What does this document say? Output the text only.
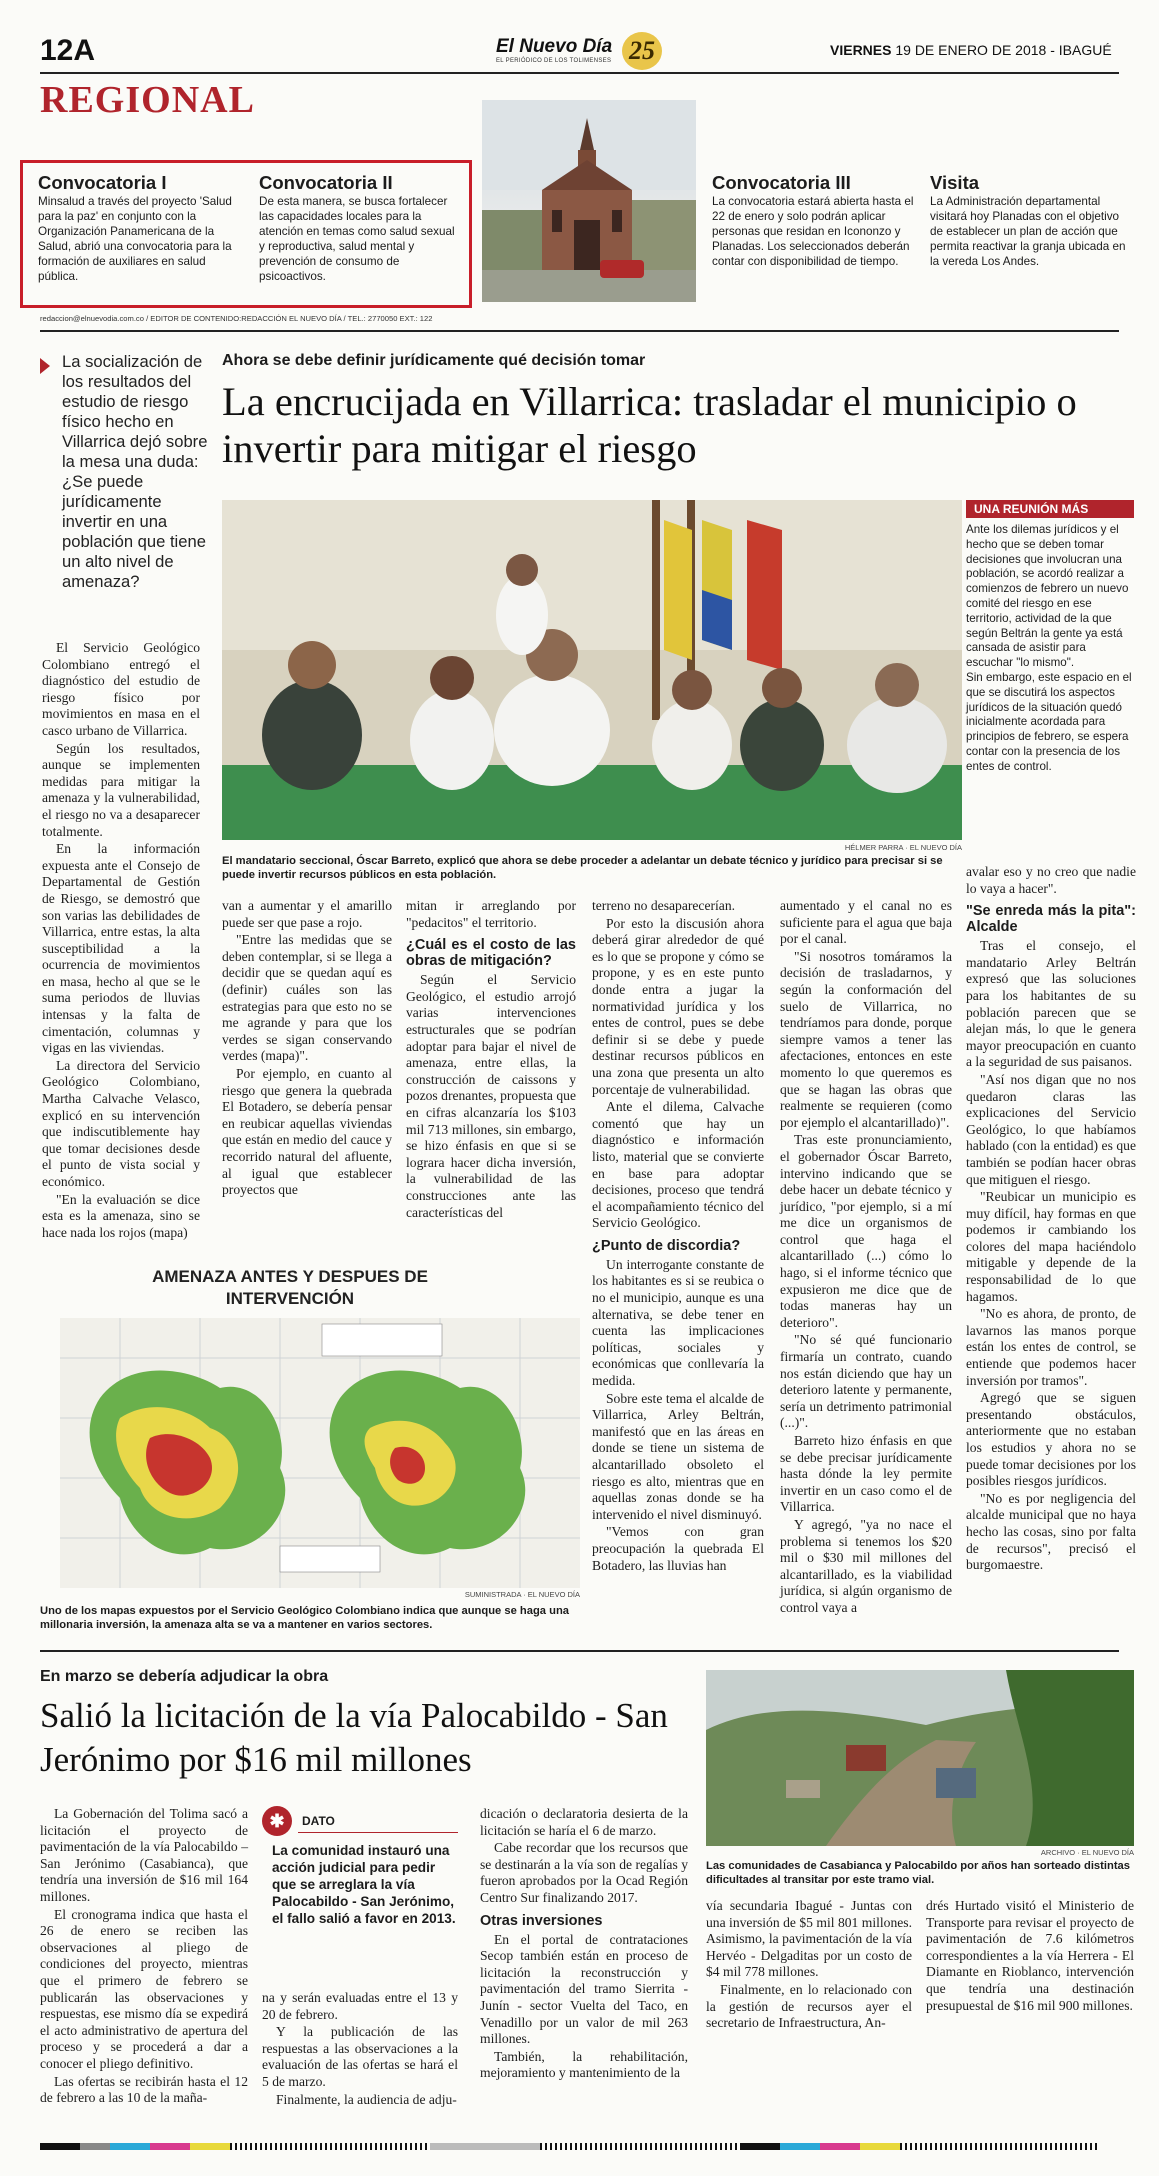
12A	El Nuevo Día
EL PERIÓDICO DE LOS TOLIMENSES 25	VIERNES 19 DE ENERO DE 2018 - IBAGUÉ
REGIONAL
Convocatoria I
Minsalud a través del proyecto 'Salud para la paz' en conjunto con la Organización Panamericana de la Salud, abrió una convocatoria para la formación de auxiliares en salud pública.
Convocatoria II
De esta manera, se busca fortalecer las capacidades locales para la atención en temas como salud sexual y reproductiva, salud mental y prevención de consumo de psicoactivos.
Convocatoria III
La convocatoria estará abierta hasta el 22 de enero y solo podrán aplicar personas que residan en Icononzo y Planadas. Los seleccionados deberán contar con disponibilidad de tiempo.
Visita
La Administración departamental visitará hoy Planadas con el objetivo de establecer un plan de acción que permita reactivar la granja ubicada en la vereda Los Andes.
redaccion@elnuevodia.com.co / EDITOR DE CONTENIDO:REDACCIÓN EL NUEVO DÍA / TEL.: 2770050 EXT.: 122
La socialización de los resultados del estudio de riesgo físico hecho en Villarrica dejó sobre la mesa una duda: ¿Se puede jurídicamente invertir en una población que tiene un alto nivel de amenaza?
Ahora se debe definir jurídicamente qué decisión tomar
La encrucijada en Villarrica: trasladar el municipio o invertir para mitigar el riesgo
HÉLMER PARRA · EL NUEVO DÍA
El mandatario seccional, Óscar Barreto, explicó que ahora se debe proceder a adelantar un debate técnico y jurídico para precisar si se puede invertir recursos públicos en esta población.
UNA REUNIÓN MÁS

Ante los dilemas jurídicos y el hecho que se deben tomar decisiones que involucran una población, se acordó realizar a comienzos de febrero un nuevo comité del riesgo en ese territorio, actividad de la que según Beltrán la gente ya está cansada de asistir para escuchar "lo mismo".

Sin embargo, este espacio en el que se discutirá los aspectos jurídicos de la situación quedó inicialmente acordada para principios de febrero, se espera contar con la presencia de los entes de control.

El Servicio Geológico Colombiano entregó el diagnóstico del estudio de riesgo físico por movimientos en masa en el casco urbano de Villarrica.

Según los resultados, aunque se implementen medidas para mitigar la amenaza y la vulnerabilidad, el riesgo no va a desaparecer totalmente.

En la información expuesta ante el Consejo de Departamental de Gestión de Riesgo, se demostró que son varias las debilidades de Villarrica, entre estas, la alta susceptibilidad a la ocurrencia de movimientos en masa, hecho al que se le suma periodos de lluvias intensas y la falta de cimentación, columnas y vigas en las viviendas.

La directora del Servicio Geológico Colombiano, Martha Calvache Velasco, explicó en su intervención que indiscutiblemente hay que tomar decisiones desde el punto de vista social y económico.

"En la evaluación se dice esta es la amenaza, sino se hace nada los rojos (mapa)

van a aumentar y el amarillo puede ser que pase a rojo.

"Entre las medidas que se deben contemplar, si se llega a decidir que se quedan aquí es (definir) cuáles son las estrategias para que esto no se me agrande y para que los verdes se sigan conservando verdes (mapa)".

Por ejemplo, en cuanto al riesgo que genera la quebrada El Botadero, se debería pensar en reubicar aquellas viviendas que están en medio del cauce y recorrido natural del afluente, al igual que establecer proyectos que

mitan ir arreglando por "pedacitos" el territorio.

¿Cuál es el costo de las obras de mitigación?

Según el Servicio Geológico, el estudio arrojó varias intervenciones estructurales que se podrían adoptar para bajar el nivel de amenaza, entre ellas, la construcción de caissons y pozos drenantes, propuesta que en cifras alcanzaría los $103 mil 713 millones, sin embargo, se hizo énfasis en que si se lograra hacer dicha inversión, la vulnerabilidad de las construcciones ante las características del

terreno no desaparecerían.

Por esto la discusión ahora deberá girar alrededor de qué es lo que se propone y cómo se propone, y es en este punto donde entra a jugar la normatividad jurídica y los entes de control, pues se debe definir si se debe y puede destinar recursos públicos en una zona que presenta un alto porcentaje de vulnerabilidad.

Ante el dilema, Calvache comentó que hay un diagnóstico e información listo, material que se convierte en base para adoptar decisiones, proceso que tendrá el acompañamiento técnico del Servicio Geológico.

¿Punto de discordia?

Un interrogante constante de los habitantes es si se reubica o no el municipio, aunque es una alternativa, se debe tener en cuenta las implicaciones políticas, sociales y económicas que conllevaría la medida.

Sobre este tema el alcalde de Villarrica, Arley Beltrán, manifestó que en las áreas en donde se tiene un sistema de alcantarillado obsoleto el riesgo es alto, mientras que en aquellas zonas donde se ha intervenido el nivel disminuyó.

"Vemos con gran preocupación la quebrada El Botadero, las lluvias han

aumentado y el canal no es suficiente para el agua que baja por el canal.

"Si nosotros tomáramos la decisión de trasladarnos, y según la conformación del suelo de Villarrica, no tendríamos para donde, porque siempre vamos a tener las afectaciones, entonces en este momento lo que queremos es que se hagan las obras que realmente se requieren (como por ejemplo el alcantarillado)".

Tras este pronunciamiento, el gobernador Óscar Barreto, intervino indicando que se debe hacer un debate técnico y jurídico, "por ejemplo, si a mí me dice un organismos de control que haga el alcantarillado (...) cómo lo hago, si el informe técnico que expusieron me dice que de todas maneras hay un deterioro".

"No sé qué funcionario firmaría un contrato, cuando nos están diciendo que hay un deterioro latente y permanente, sería un detrimento patrimonial (...)".

Barreto hizo énfasis en que se debe precisar jurídicamente hasta dónde la ley permite invertir en un caso como el de Villarrica.

Y agregó, "ya no nace el problema si tenemos los $20 mil o $30 mil millones del alcantarillado, es la viabilidad jurídica, si algún organismo de control vaya a

avalar eso y no creo que nadie lo vaya a hacer".

"Se enreda más la pita": Alcalde

Tras el consejo, el mandatario Arley Beltrán expresó que las soluciones para los habitantes de su población parecen que se alejan más, lo que le genera mayor preocupación en cuanto a la seguridad de sus paisanos.

"Así nos digan que no nos quedaron claras las explicaciones del Servicio Geológico, lo que habíamos hablado (con la entidad) es que también se podían hacer obras que mitiguen el riesgo.

"Reubicar un municipio es muy difícil, hay formas en que podemos ir cambiando los colores del mapa haciéndolo mitigable y depende de la responsabilidad de lo que hagamos.

"No es ahora, de pronto, de lavarnos las manos porque están los entes de control, se entiende que podemos hacer inversión por tramos".

Agregó que se siguen presentando obstáculos, anteriormente que no estaban los estudios y ahora no se puede tomar decisiones por los posibles riesgos jurídicos.

"No es por negligencia del alcalde municipal que no haya hecho las cosas, sino por falta de recursos", precisó el burgomaestre.

AMENAZA ANTES Y DESPUES DE INTERVENCIÓN
SUMINISTRADA · EL NUEVO DÍA
Uno de los mapas expuestos por el Servicio Geológico Colombiano indica que aunque se haga una millonaria inversión, la amenaza alta se va a mantener en varios sectores.
En marzo se debería adjudicar la obra
Salió la licitación de la vía Palocabildo - San Jerónimo por $16 mil millones

La Gobernación del Tolima sacó a licitación el proyecto de pavimentación de la vía Palocabildo – San Jerónimo (Casabianca), que tendría una inversión de $16 mil 164 millones.

El cronograma indica que hasta el 26 de enero se reciben las observaciones al pliego de condiciones del proyecto, mientras que el primero de febrero se publicarán las observaciones y respuestas, ese mismo día se expedirá el acto administrativo de apertura del proceso y se procederá a dar a conocer el pliego definitivo.

Las ofertas se recibirán hasta el 12 de febrero a las 10 de la maña-

✱	DATO
La comunidad instauró una acción judicial para pedir que se arreglara la vía Palocabildo - San Jerónimo, el fallo salió a favor en 2013.

na y serán evaluadas entre el 13 y 20 de febrero.

Y la publicación de las respuestas a las observaciones a la evaluación de las ofertas se hará el 5 de marzo.

Finalmente, la audiencia de adju-

dicación o declaratoria desierta de la licitación se haría el 6 de marzo.

Cabe recordar que los recursos que se destinarán a la vía son de regalías y fueron aprobados por la Ocad Región Centro Sur finalizando 2017.

Otras inversiones

En el portal de contrataciones Secop también están en proceso de licitación la reconstrucción y pavimentación del tramo Sierrita - Junín - sector Vuelta del Taco, en Venadillo por un valor de mil 263 millones.

También, la rehabilitación, mejoramiento y mantenimiento de la

ARCHIVO · EL NUEVO DÍA
Las comunidades de Casabianca y Palocabildo por años han sorteado distintas dificultades al transitar por este tramo vial.

vía secundaria Ibagué - Juntas con una inversión de $5 mil 801 millones. Asimismo, la pavimentación de la vía Hervéo - Delgaditas por un costo de $4 mil 778 millones.

Finalmente, en lo relacionado con la gestión de recursos ayer el secretario de Infraestructura, An-

drés Hurtado visitó el Ministerio de Transporte para revisar el proyecto de pavimentación de 7.6 kilómetros correspondientes a la vía Herrera - El Diamante en Rioblanco, intervención que tendría una destinación presupuestal de $16 mil 900 millones.
